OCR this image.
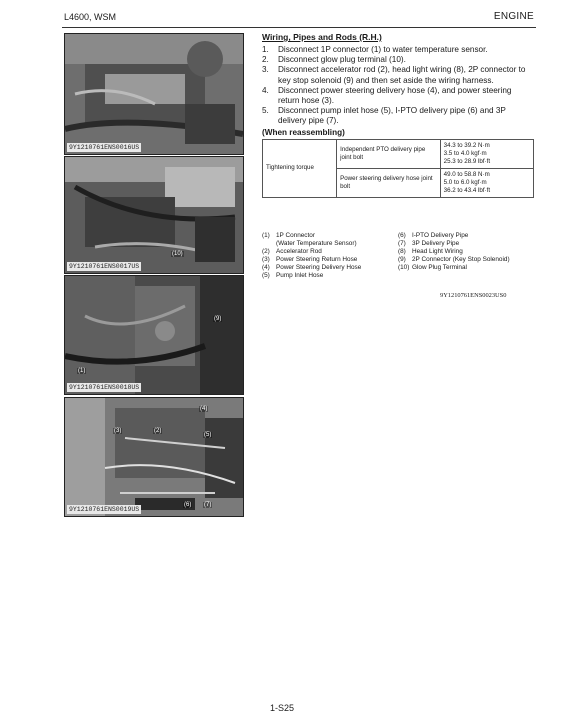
L4600, WSM	ENGINE
9Y1210761ENS0016US
(10)
9Y1210761ENS0017US
(9)
(1)
9Y1210761ENS0018US
(4)
(3)	(2)
(5)
(6) (7)
9Y1210761ENS0019US
Wiring, Pipes and Rods (R.H.)
1. Disconnect 1P connector (1) to water temperature sensor.
2. Disconnect glow plug terminal (10).
3. Disconnect accelerator rod (2), head light wiring (8), 2P connector to key stop solenoid (9) and then set aside the wiring harness.
4. Disconnect power steering delivery hose (4), and power steering return hose (3).
5. Disconnect pump inlet hose (5), I-PTO delivery pipe (6) and 3P delivery pipe (7).
(When reassembling)
Tightening torque	Independent PTO delivery pipe joint bolt	34.3 to 39.2 N·m
3.5 to 4.0 kgf·m
25.3 to 28.9 lbf·ft

	Power steering delivery hose joint bolt	49.0 to 58.8 N·m
5.0 to 6.0 kgf·m
36.2 to 43.4 lbf·ft
(1) 1P Connector
(Water Temperature Sensor)
(2) Accelerator Rod
(3) Power Steering Return Hose
(4) Power Steering Delivery Hose
(5) Pump Inlet Hose
(6) I-PTO Delivery Pipe
(7) 3P Delivery Pipe
(8) Head Light Wiring
(9) 2P Connector (Key Stop Solenoid)
(10) Glow Plug Terminal
9Y1210761ENS0023US0
1-S25
